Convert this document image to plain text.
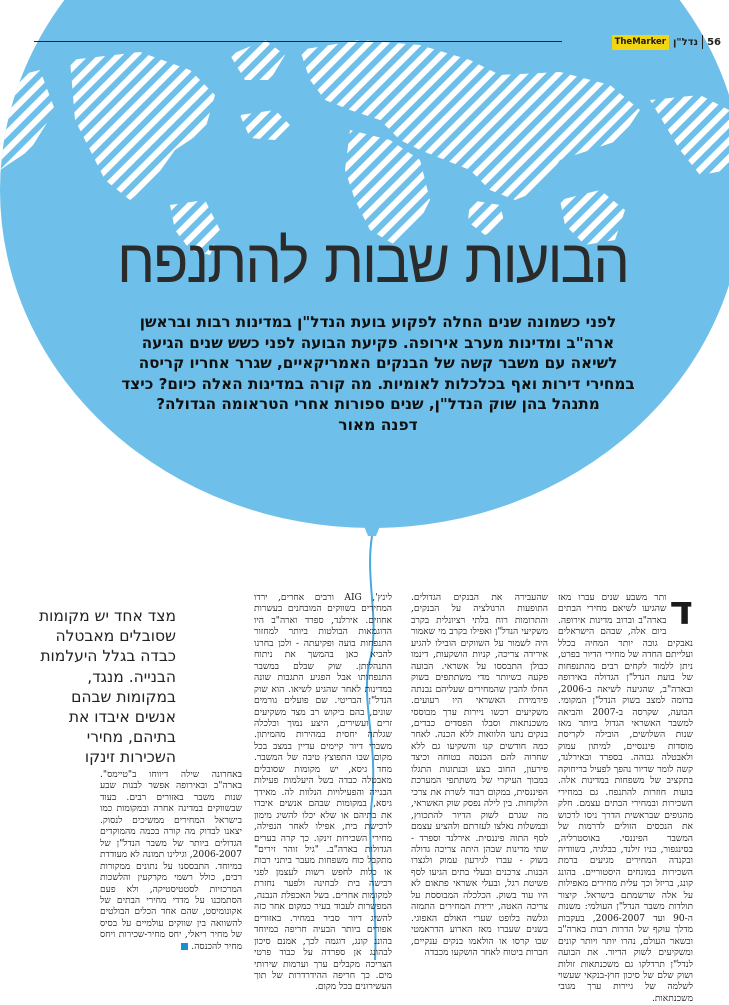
56
נדל"ן
TheMarker
הבועות שבות להתנפח
לפני כשמונה שנים החלה לפקוע בועת הנדל"ן במדינות רבות ובראשן ארה"ב ומדינות מערב אירופה. פקיעת הבועה לפני כשש שנים הגיעה לשיאה עם משבר קשה של הבנקים האמריקאיים, שגרר אחריו קריסה במחירי דירות ואף בכלכלות לאומיות. מה קורה במדינות האלה כיום? כיצד מתנהל בהן שוק הנדל"ן, שנים ספורות אחרי הטראומה הגדולה?
דפנה מאור

ד
ותר משבע שנים עברו מאז שהגיעו לשיאם מחירי הבתים בארה"ב וברוב מדינות אירופה. ביום אלה, שבהם הישראלים נאבקים גובה יותר המחיה בכלל ועלייתם החדה של מחירי הדיור בפרט, ניתן ללמוד לקחים רבים מהתנפחות של בועת הנדל"ן הגדולה באירופה ובארה"ב, שהגיעה לשיאה ב-2006, בדומה למצב בשוק הנדל"ן המקומי. הבועה, שקרסה ב-2007 והביאה למשבר האשראי הגדול ביותר מאז שנות השלושים, הובילה לקריסת מוסדות פיננסיים, למיתון עמוק ולאבטלה גבוהה. בספרד ובאירלנד, קשה לומר שדיור נהפך לפעיל בריחוקה בתקציב של משפחות במדינות אלה. בועות חוזרות להתנפח. גם במחירי השכירות ובמחירי הבתים עצמם. חלק מהגופים שבראשית הדרך ניסו לרכוש את הנכסים הזולים לדרמות של המשבר הפיננסי. באוסטרליה, בסינגפור, בניו זילנד, בבלגיה, בשוודיה ובקנדה המחירים מגיעים ברמת השכירות במונחים היסטוריים. בהונג קונג, בריזל וכך עלית מחירים מאפילות על אלה שרשמתם בישראל. קיצור תולדות משבר הנדל"ן העולמי: משנות ה-90 ועד 2006-2007, בעקבות מדלך עוקף של הדרות רבות בארה"ב ובשאר העולם, נהרו יותר ויותר קונים ומשקיעים לשוק הדיור. את הבועה לנדל"ן תרדלקו גם משכנתאות זולות ושוק שלם של סיכון חוץ-בנקאי שעשוי לשלמה של גיירות ערך מגובי משכנתאות.

שהעבירה את הבנקים הגדולים. התופעות הרגולציה על הבנקים, והתרומות רוח בלתי רציונלית בקרב משקיעי הנדל"ן ואפילו בקרב מי שאמור היה לשמור על השווקים הובילו להגיע אירידה צריכה, קניות הושקעות, דינמו כבולן התבססו על אשראי. הבועה פקעה כשיותר מדי משתתפים בשוק החלו להבין שהמחירים שעליהם נבנתה פירמידת האשראי היו רעועים. משקיעים רכשו ניירות ערך מבוססי משכנתאות וסבלו הפסדים כבדים, בנקים נתנו הלוואות ללא הכנה. לאחר כמה חודשים קנו והשקיעו גם ללא שחרוה להם הכנסה בטוחה וכיצד פירעון, החוב בצע ובנתונות התגלו במבוך העיקרי של משתתפי המערכת הפיננסית, במקום רבוד לשרת את צרכי הלקוחות. בין לילה נפסק שוק האשראי, מה שגרם לשוק הדיור להתכווץ, ובמשלות נאלצו לעזרתם ולהציע עצמם לסף התוה פיננסית. אירלנד וספרד - שתי מדינות שבהן היתה צריכה גדולה בשוק - עברו לגירעון עמוק ולגצרו הבנות. צרכנים ובעלי בתים הגיעו לסף פשיטת רגל, ובעלי אשראי פתאום לא היו עוד בשוק. הכלכלה המבוססת על צריכה האטה, ירידת המחירים התמזה וגלשה בלופט שערי האולם האפוגי. בשנים שעברו מאז הארוע הדראמטי שבו קרסו או הולאמו בנקים ענקיים, חברות ביטוח לאחר הושקעו מכבדה

לינץ', AIG ורבים אחרים, ירדו המחירים בשווקים המובחנים בעשרות אחוזים. אירלנד, ספרד וארה"ב היו הדוגמאות הבולטות ביותר למחזור התנפחות בועה ופקיעתה - ולכן בחרנו להביא כאן בהמשך את ניתוח התנהלותן. שוק שבלם במשבר התנפחותו אבל הפגיע התגבות שונה במדינות לאחר שהגיע לשיאו. הוא שוק הנדל"ן הבריטי. שם פועלים גורמים שונים, בהם ביקוש רב מצד משקיעים זרים ועשירים, היצע נמוך וכלכלה שגלתה יחסית במהירות מהמיתון. משברי דיור קיימים עדיין במצב בכל מקום שבו התפוצץ טיבה של המשבר. מחד גיסא, יש מקומות שסובלים מאבטלה כבדה בשל היעלמות פעילות הבנייה והפעילויות הנלוות לה. מאידך גיסא, במקומות שבהם אנשים איבדו את בתיהם או שלא יכלו להשיג מימון לרכישת בית, אפילו לאחר הנפילה, מחירי השכירות זינקו. כך קרה בערים הגדולות בארה"ב. "גיל זוהר זירים" מתקבל כוח משפחות מעבר ביתני רבות או כלות לחפש רשות לעצמן לפני רכישה בית לבחינה ולפער נחזרת למקומות אחרים. בשל האכפלת הנבנה, המפשרות לעבוד בעיר כמקום אחר כזה להשיג דיור סביר במחיר. באזורים אפורים ביותר הבעיה חריפה במיוחד בהונג קונג, דוגמה לכך, אמנם סיכון לבהונג אן ספרדה על כבוד פרטי הצריכה מקבלים ערך וערמות שירותי מים. כך חריפה ההידרדרות של תוך העשירונים בכל מקום.

באחרונה שילה דיווחו ב"טיימס". בארה"ב ובאירופה אפשר לבנות שבע שנות משבר באזורים רבים. בעוד שבשווקים במדינה אחרה ובמקומות כמו בישראל המחירים ממשיכים לנסוק. יצאנו לבדוק מה קורה בכמה מהמוקדים הגדולים ביותר של משבר הנדל"ן של 2006-2007, וגילינו תמונה לא מעודדת במיוחד. התבססנו על נתונים ממקורות רבים, כולל רשמי מקרקעין והלשכות המרכזיות לסטטיסטיקה, ולא פעם הסתמכנו על מדדי מחירי הבתים של אקונומיסט, שהם אחד הכלים הבולטים להשוואה בין שווקים עולמיים על בסיס של מחיר ריאלי, יחס מחיר-שכירות ויחס מחיר להכנסה.

מצד אחד יש מקומות שסובלים מאבטלה כבדה בגלל היעלמות הבנייה. מנגד, במקומות שבהם אנשים איבדו את בתיהם, מחירי השכירות זינקו
